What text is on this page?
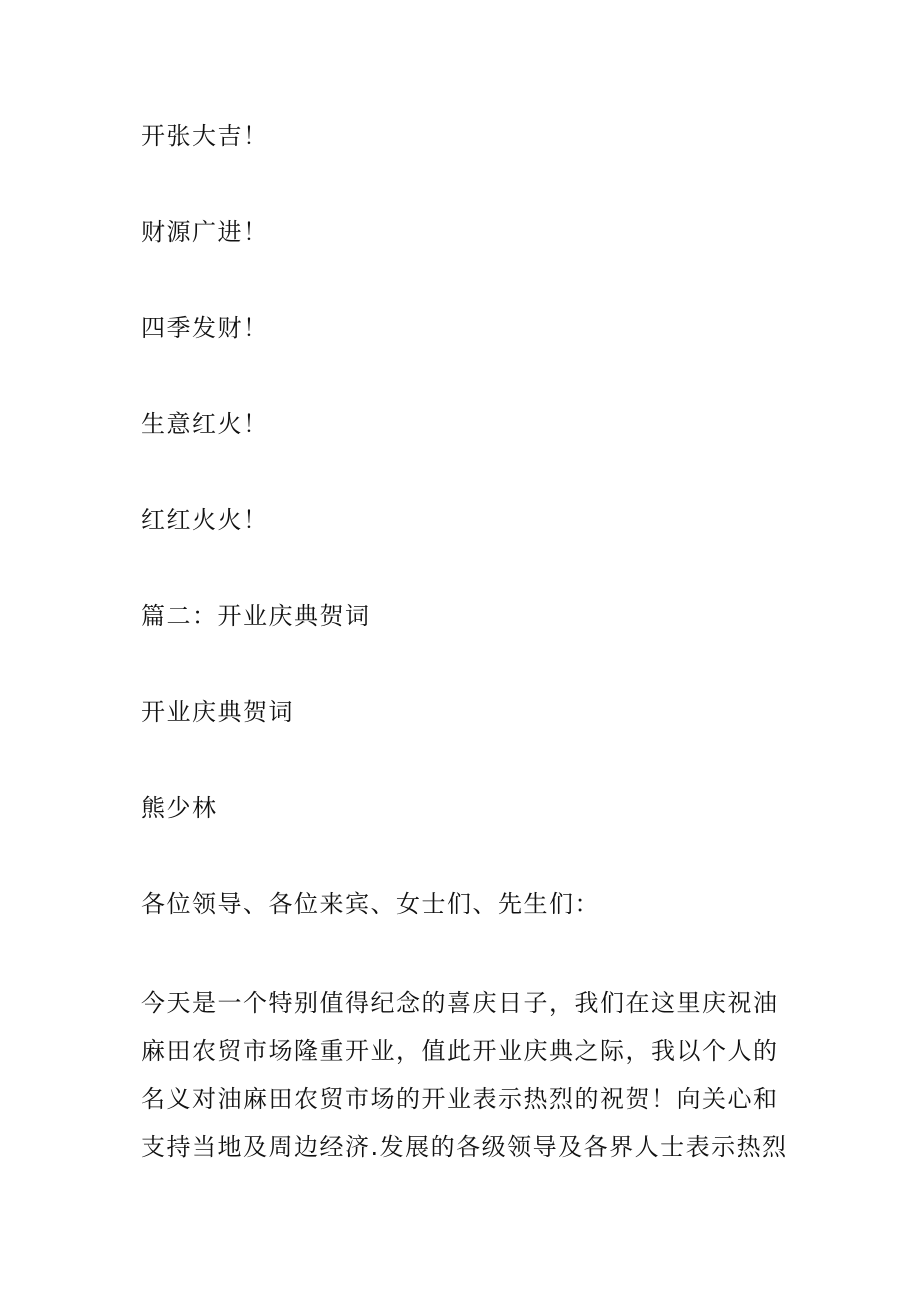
开张大吉！
财源广进！
四季发财！
生意红火！
红红火火！
篇二：开业庆典贺词
开业庆典贺词
熊少林
各位领导、各位来宾、女士们、先生们：
今天是一个特别值得纪念的喜庆日子，我们在这里庆祝油
麻田农贸市场隆重开业，值此开业庆典之际，我以个人的
名义对油麻田农贸市场的开业表示热烈的祝贺！向关心和
支持当地及周边经济.发展的各级领导及各界人士表示热烈
